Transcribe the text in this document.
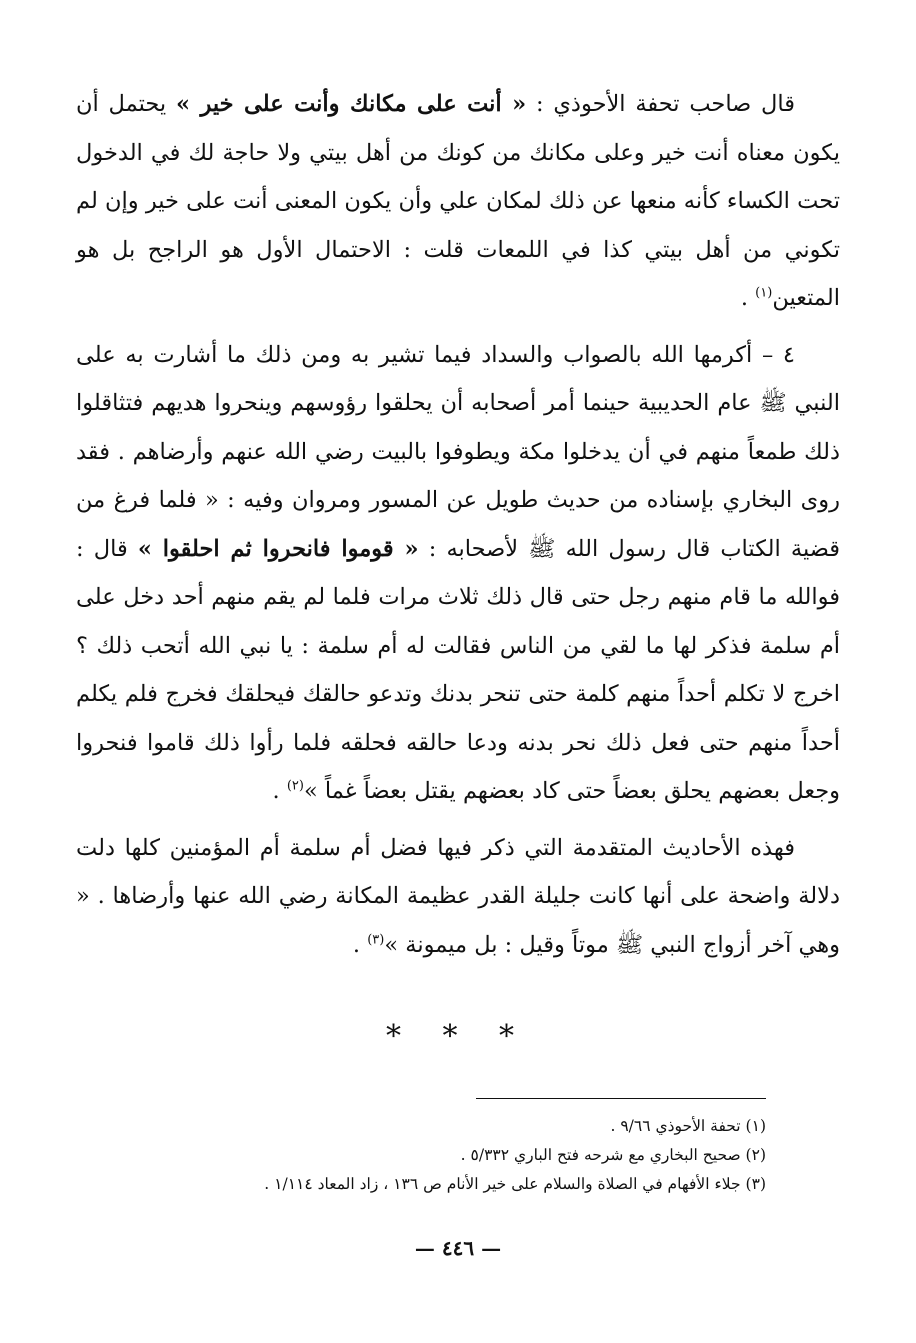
قال صاحب تحفة الأحوذي : « أنت على مكانك وأنت على خير » يحتمل أن يكون معناه أنت خير وعلى مكانك من كونك من أهل بيتي ولا حاجة لك في الدخول تحت الكساء كأنه منعها عن ذلك لمكان علي وأن يكون المعنى أنت على خير وإن لم تكوني من أهل بيتي كذا في اللمعات قلت : الاحتمال الأول هو الراجح بل هو المتعين$^{(١)}$ .

٤ – أكرمها الله بالصواب والسداد فيما تشير به ومن ذلك ما أشارت به على النبي ﷺ عام الحديبية حينما أمر أصحابه أن يحلقوا رؤوسهم وينحروا هديهم فتثاقلوا ذلك طمعاً منهم في أن يدخلوا مكة ويطوفوا بالبيت رضي الله عنهم وأرضاهم . فقد روى البخاري بإسناده من حديث طويل عن المسور ومروان وفيه : « فلما فرغ من قضية الكتاب قال رسول الله ﷺ لأصحابه : « قوموا فانحروا ثم احلقوا » قال : فوالله ما قام منهم رجل حتى قال ذلك ثلاث مرات فلما لم يقم منهم أحد دخل على أم سلمة فذكر لها ما لقي من الناس فقالت له أم سلمة : يا نبي الله أتحب ذلك ؟ اخرج لا تكلم أحداً منهم كلمة حتى تنحر بدنك وتدعو حالقك فيحلقك فخرج فلم يكلم أحداً منهم حتى فعل ذلك نحر بدنه ودعا حالقه فحلقه فلما رأوا ذلك قاموا فنحروا وجعل بعضهم يحلق بعضاً حتى كاد بعضهم يقتل بعضاً غماً »$^{(٢)}$ .

فهذه الأحاديث المتقدمة التي ذكر فيها فضل أم سلمة أم المؤمنين كلها دلت دلالة واضحة على أنها كانت جليلة القدر عظيمة المكانة رضي الله عنها وأرضاها . « وهي آخر أزواج النبي ﷺ موتاً وقيل : بل ميمونة »$^{(٣)}$ .

* * *

(١) تحفة الأحوذي ٩/٦٦ .

(٢) صحيح البخاري مع شرحه فتح الباري ٥/٣٣٢ .

(٣) جلاء الأفهام في الصلاة والسلام على خير الأنام ص ١٣٦ ، زاد المعاد ١/١١٤ .

— ٤٤٦ —
